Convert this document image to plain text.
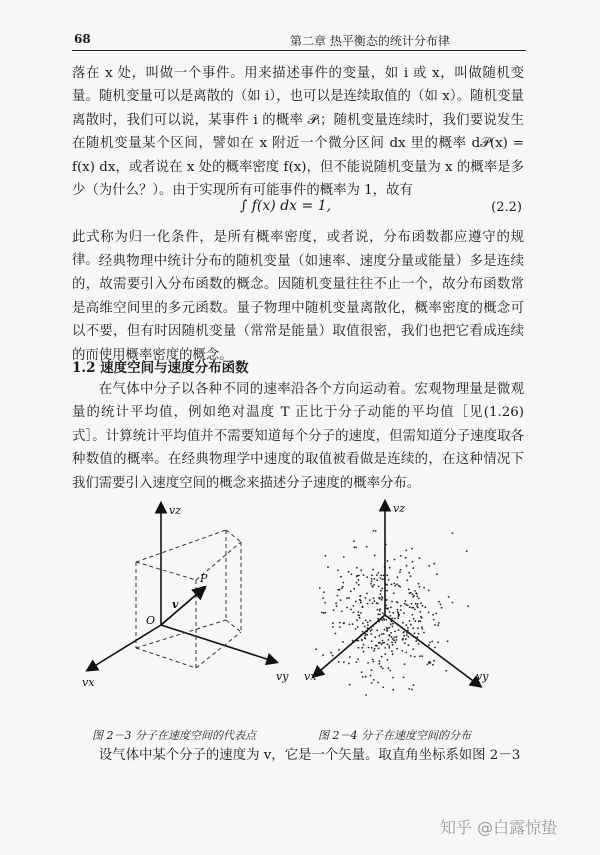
68	第二章 热平衡态的统计分布律
落在 x 处，叫做一个事件。用来描述事件的变量，如 i 或 x，叫做随机变量。随机变量可以是离散的（如 i），也可以是连续取值的（如 x）。随机变量离散时，我们可以说，某事件 i 的概率 𝒫ᵢ；随机变量连续时，我们要说发生在随机变量某个区间，譬如在 x 附近一个微分区间 dx 里的概率 d𝒫(x) = f(x) dx，或者说在 x 处的概率密度 f(x)，但不能说随机变量为 x 的概率是多少（为什么？）。由于实现所有可能事件的概率为 1，故有
∫ f(x) dx = 1,	(2.2)
此式称为归一化条件，是所有概率密度，或者说，分布函数都应遵守的规律。 经典物理中统计分布的随机变量（如速率、速度分量或能量）多是连续的，故需要引入分布函数的概念。因随机变量往往不止一个，故分布函数常是高维空间里的多元函数。量子物理中随机变量离散化，概率密度的概念可以不要，但有时因随机变量（常常是能量）取值很密，我们也把它看成连续的而使用概率密度的概念。
1.2 速度空间与速度分布函数
在气体中分子以各种不同的速率沿各个方向运动着。宏观物理量是微观量的统计平均值，例如绝对温度 T 正比于分子动能的平均值［见(1.26)式］。计算统计平均值并不需要知道每个分子的速度，但需知道分子速度取各种数值的概率。在经典物理学中速度的取值被看做是连续的，在这种情况下我们需要引入速度空间的概念来描述分子速度的概率分布。
vz
vx	vy
O
P
v
vz
vx	vy
图 2－3 分子在速度空间的代表点	图 2－4 分子在速度空间的分布
设气体中某个分子的速度为 v，它是一个矢量。取直角坐标系如图 2－3
知乎 @白露惊蛰
